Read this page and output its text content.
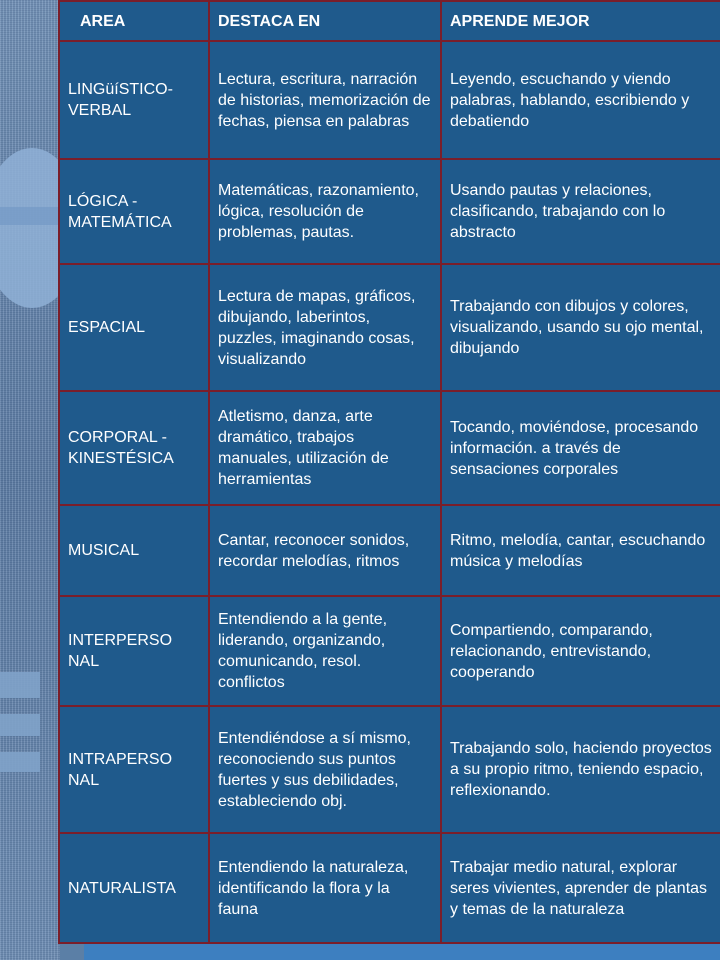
AREA	DESTACA EN	APRENDE MEJOR
LINGüíSTICO-VERBAL	Lectura, escritura, narración de historias, memorización de fechas, piensa en palabras	Leyendo, escuchando y viendo palabras, hablando, escribiendo y debatiendo
LÓGICA - MATEMÁTICA	Matemáticas, razonamiento, lógica, resolución de problemas, pautas.	Usando pautas y relaciones, clasificando, trabajando con lo abstracto
ESPACIAL	Lectura de mapas, gráficos, dibujando, laberintos, puzzles, imaginando cosas, visualizando	Trabajando con dibujos y colores, visualizando, usando su ojo mental, dibujando
CORPORAL - KINESTÉSICA	Atletismo, danza, arte dramático, trabajos manuales, utilización de herramientas	Tocando, moviéndose, procesando información. a través de sensaciones corporales
MUSICAL	Cantar, reconocer sonidos, recordar melodías, ritmos	Ritmo, melodía, cantar, escuchando música y melodías
INTERPERSO NAL	Entendiendo a la gente, liderando, organizando, comunicando, resol. conflictos	Compartiendo, comparando, relacionando, entrevistando, cooperando
INTRAPERSO NAL	Entendiéndose a sí mismo, reconociendo sus puntos fuertes y sus debilidades, estableciendo obj.	Trabajando solo, haciendo proyectos a su propio ritmo, teniendo espacio, reflexionando.
NATURALISTA	Entendiendo la naturaleza, identificando la flora y la fauna	Trabajar medio natural, explorar seres vivientes, aprender de plantas y temas de la naturaleza
